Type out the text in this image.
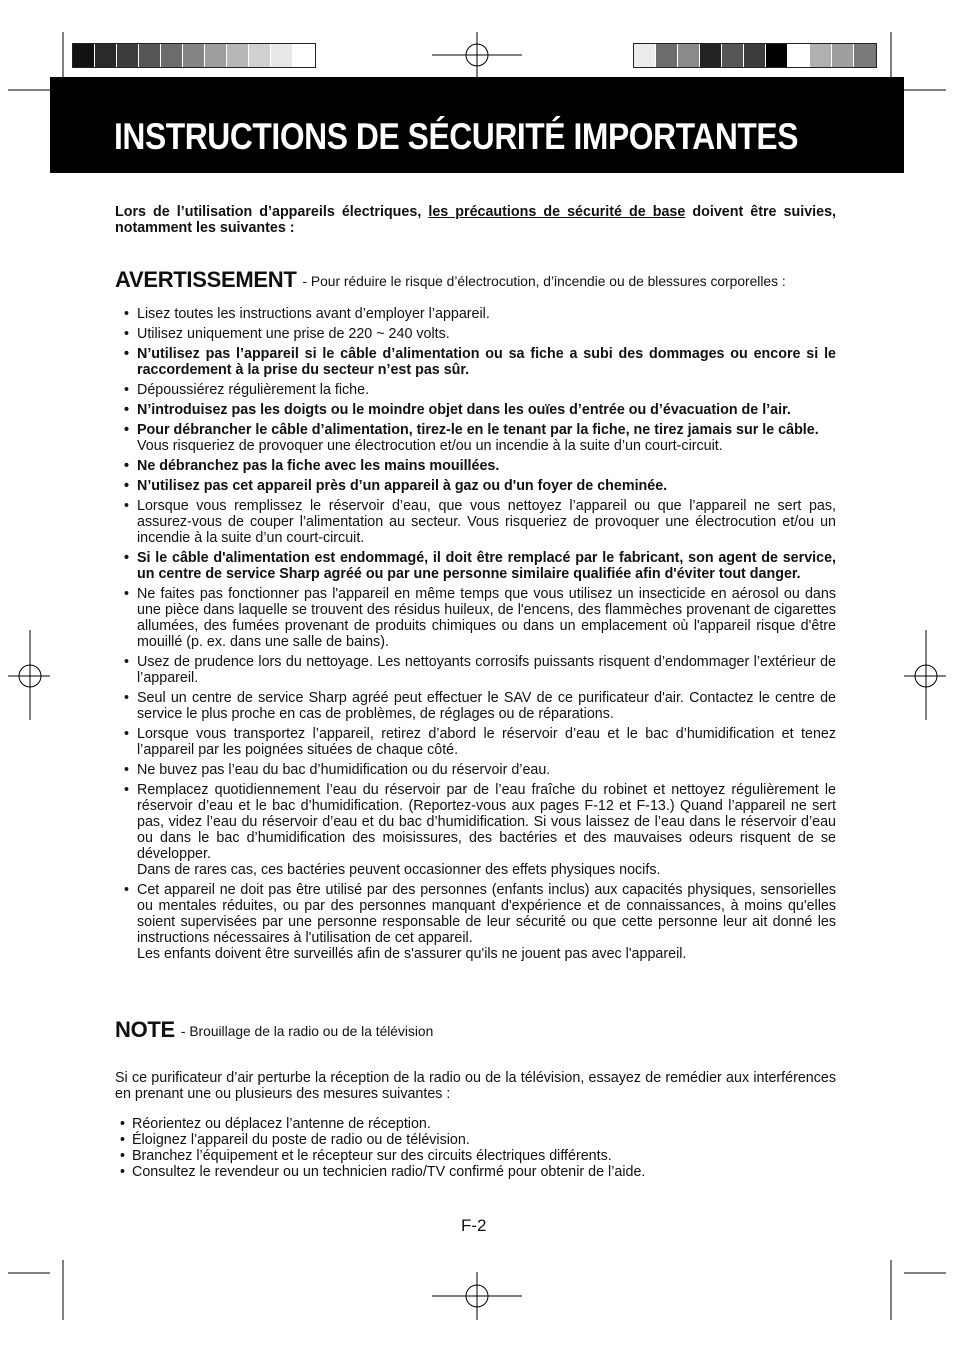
INSTRUCTIONS DE SÉCURITÉ IMPORTANTES

Lors de l’utilisation d’appareils électriques, les précautions de sécurité de base doivent être suivies, notamment les suivantes :

AVERTISSEMENT - Pour réduire le risque d’électrocution, d’incendie ou de blessures corporelles :
• Lisez toutes les instructions avant d’employer l’appareil.
• Utilisez uniquement une prise de 220 ~ 240 volts.
• N’utilisez pas l’appareil si le câble d’alimentation ou sa fiche a subi des dommages ou encore si le raccordement à la prise du secteur n’est pas sûr.
• Dépoussiérez régulièrement la fiche.
• N’introduisez pas les doigts ou le moindre objet dans les ouïes d’entrée ou d’évacuation de l’air.
• Pour débrancher le câble d’alimentation, tirez-le en le tenant par la fiche, ne tirez jamais sur le câble.
Vous risqueriez de provoquer une électrocution et/ou un incendie à la suite d’un court-circuit.
• Ne débranchez pas la fiche avec les mains mouillées.
• N’utilisez pas cet appareil près d’un appareil à gaz ou d'un foyer de cheminée.
• Lorsque vous remplissez le réservoir d’eau, que vous nettoyez l’appareil ou que l’appareil ne sert pas, assurez-vous de couper l’alimentation au secteur. Vous risqueriez de provoquer une électrocution et/ou un incendie à la suite d’un court-circuit.
• Si le câble d'alimentation est endommagé, il doit être remplacé par le fabricant, son agent de service, un centre de service Sharp agréé ou par une personne similaire qualifiée afin d'éviter tout danger.
• Ne faites pas fonctionner pas l'appareil en même temps que vous utilisez un insecticide en aérosol ou dans une pièce dans laquelle se trouvent des résidus huileux, de l'encens, des flammèches provenant de cigarettes allumées, des fumées provenant de produits chimiques ou dans un emplacement où l'appareil risque d'être mouillé (p. ex. dans une salle de bains).
• Usez de prudence lors du nettoyage. Les nettoyants corrosifs puissants risquent d’endommager l’extérieur de l’appareil.
• Seul un centre de service Sharp agréé peut effectuer le SAV de ce purificateur d'air. Contactez le centre de service le plus proche en cas de problèmes, de réglages ou de réparations.
• Lorsque vous transportez l’appareil, retirez d’abord le réservoir d’eau et le bac d’humidification et tenez l’appareil par les poignées situées de chaque côté.
• Ne buvez pas l’eau du bac d’humidification ou du réservoir d’eau.
• Remplacez quotidiennement l’eau du réservoir par de l’eau fraîche du robinet et nettoyez régulièrement le réservoir d’eau et le bac d’humidification. (Reportez-vous aux pages F-12 et F-13.) Quand l’appareil ne sert pas, videz l’eau du réservoir d’eau et du bac d’humidification. Si vous laissez de l’eau dans le réservoir d’eau ou dans le bac d’humidification des moisissures, des bactéries et des mauvaises odeurs risquent de se développer.
Dans de rares cas, ces bactéries peuvent occasionner des effets physiques nocifs.
• Cet appareil ne doit pas être utilisé par des personnes (enfants inclus) aux capacités physiques, sensorielles ou mentales réduites, ou par des personnes manquant d'expérience et de connaissances, à moins qu'elles soient supervisées par une personne responsable de leur sécurité ou que cette personne leur ait donné les instructions nécessaires à l'utilisation de cet appareil.
Les enfants doivent être surveillés afin de s'assurer qu'ils ne jouent pas avec l'appareil.
NOTE - Brouillage de la radio ou de la télévision

Si ce purificateur d’air perturbe la réception de la radio ou de la télévision, essayez de remédier aux interférences en prenant une ou plusieurs des mesures suivantes :

• Réorientez ou déplacez l’antenne de réception.
• Éloignez l’appareil du poste de radio ou de télévision.
• Branchez l’équipement et le récepteur sur des circuits électriques différents.
• Consultez le revendeur ou un technicien radio/TV confirmé pour obtenir de l’aide.
F-2
